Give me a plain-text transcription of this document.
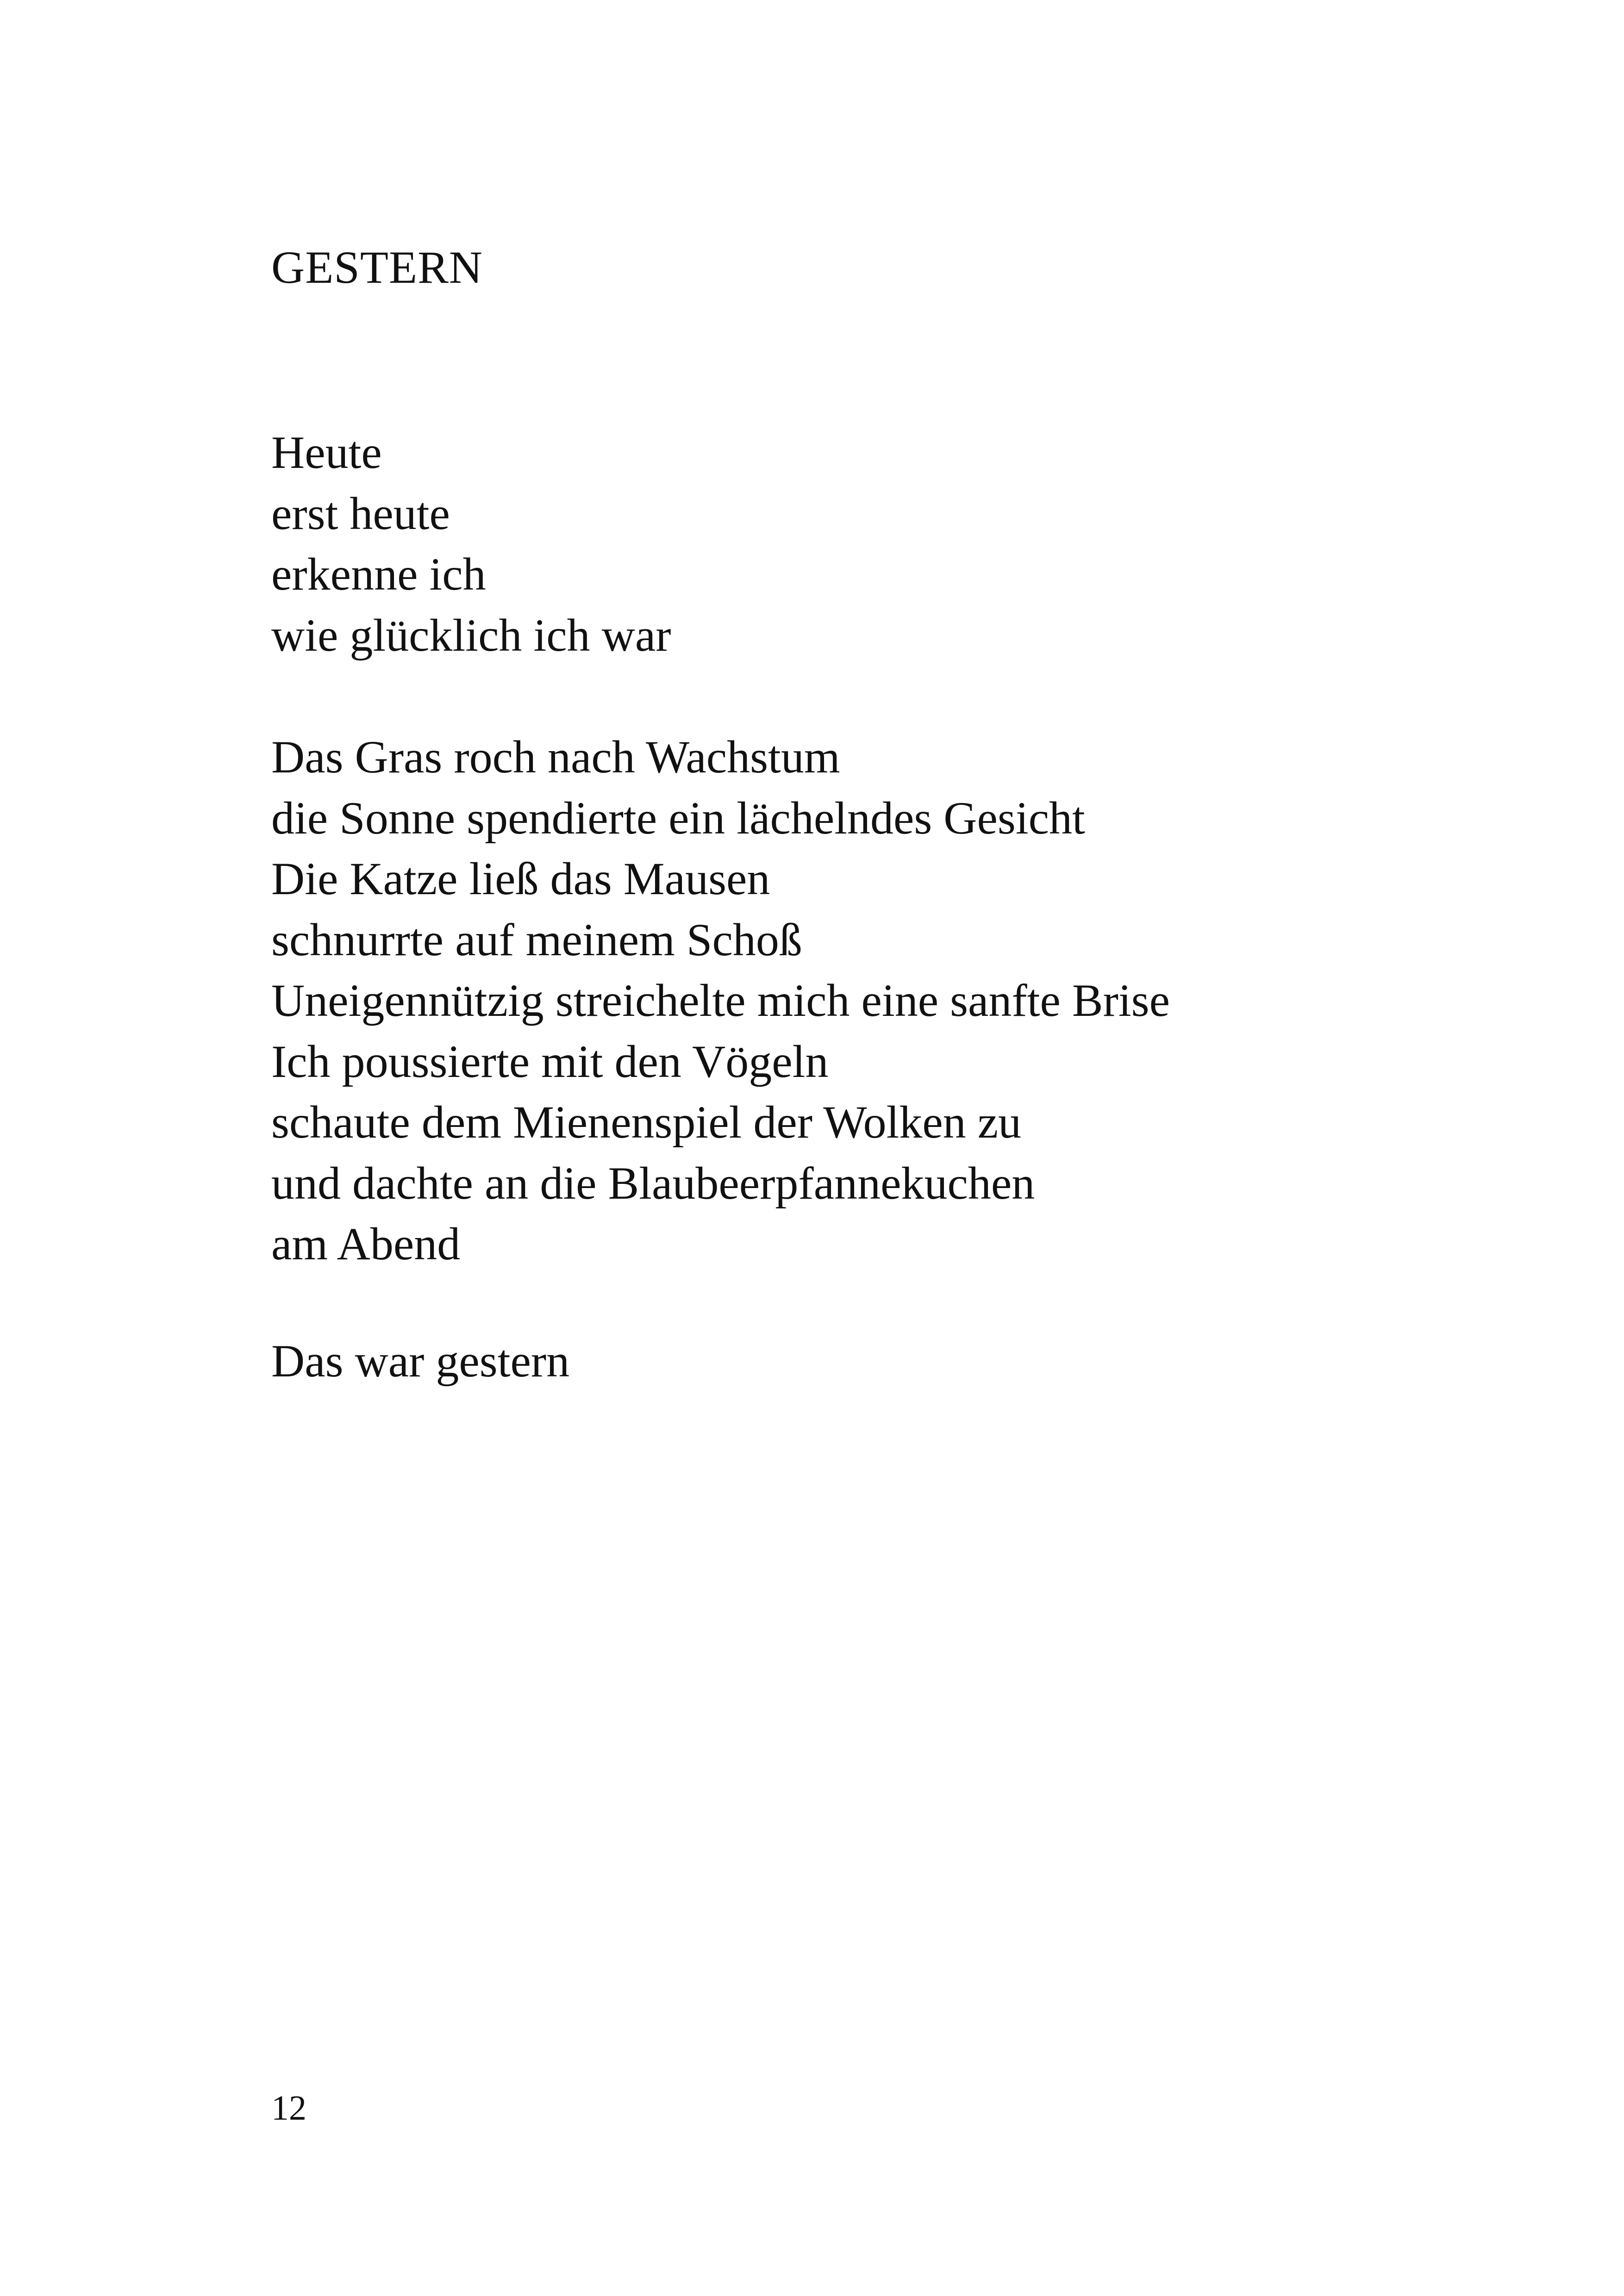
GESTERN
Heute
erst heute
erkenne ich
wie glücklich ich war
Das Gras roch nach Wachstum
die Sonne spendierte ein lächelndes Gesicht
Die Katze ließ das Mausen
schnurrte auf meinem Schoß
Uneigennützig streichelte mich eine sanfte Brise
Ich poussierte mit den Vögeln
schaute dem Mienenspiel der Wolken zu
und dachte an die Blaubeerpfannekuchen
am Abend
Das war gestern
12
